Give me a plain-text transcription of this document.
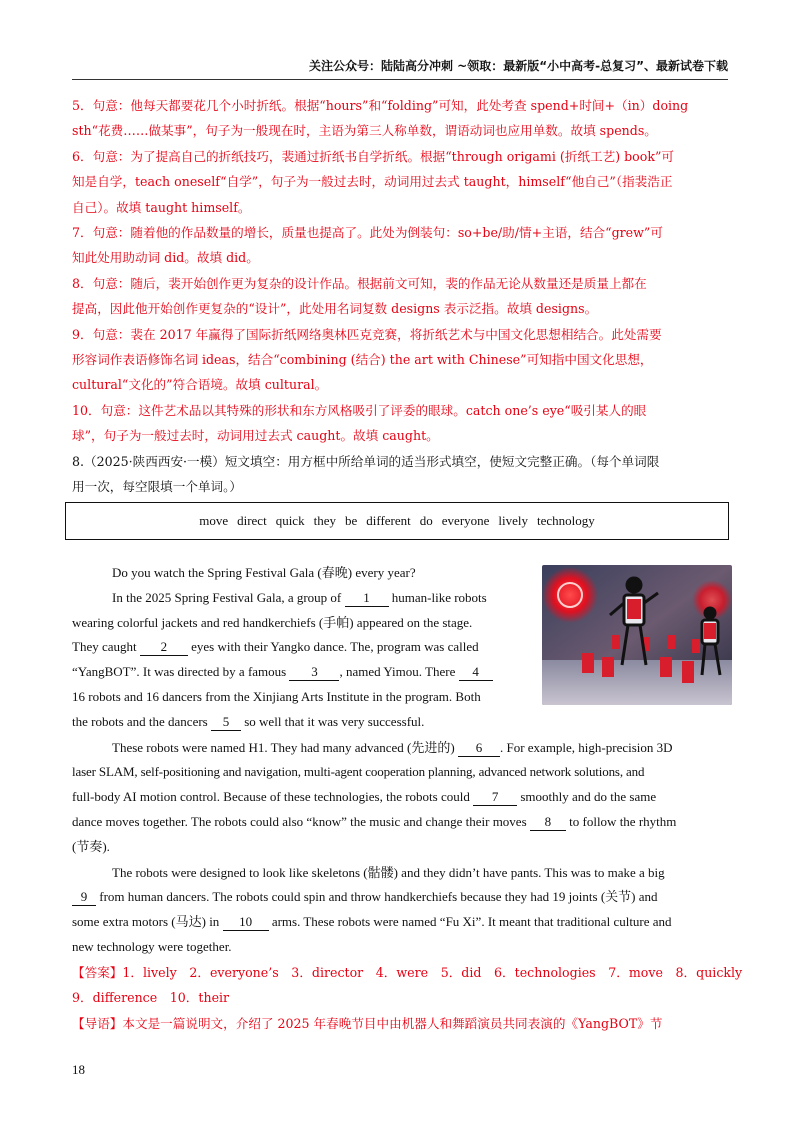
关注公众号：陆陆高分冲刺 ~领取：最新版“小中高考-总复习”、最新试卷下载
5．句意：他每天都要花几个小时折纸。根据“hours”和“folding”可知，此处考查 spend+时间+（in）doing
sth“花费……做某事”，句子为一般现在时，主语为第三人称单数，谓语动词也应用单数。故填 spends。
6．句意：为了提高自己的折纸技巧，裴通过折纸书自学折纸。根据“through origami (折纸工艺) book”可
知是自学，teach oneself“自学”，句子为一般过去时，动词用过去式 taught，himself“他自己”（指裴浩正
自己）。故填 taught himself。
7．句意：随着他的作品数量的增长，质量也提高了。此处为倒装句：so+be/助/情+主语，结合“grew”可
知此处用助动词 did。故填 did。
8．句意：随后，裴开始创作更为复杂的设计作品。根据前文可知，裴的作品无论从数量还是质量上都在
提高，因此他开始创作更复杂的“设计”，此处用名词复数 designs 表示泛指。故填 designs。
9．句意：裴在 2017 年赢得了国际折纸网络奥林匹克竞赛，将折纸艺术与中国文化思想相结合。此处需要
形容词作表语修饰名词 ideas，结合“combining (结合) the art with Chinese”可知指中国文化思想，
cultural“文化的”符合语境。故填 cultural。
10．句意：这件艺术品以其特殊的形状和东方风格吸引了评委的眼球。catch one’s eye“吸引某人的眼
球”，句子为一般过去时，动词用过去式 caught。故填 caught。
8.（2025·陕西西安·一模）短文填空：用方框中所给单词的适当形式填空，使短文完整正确。（每个单词限
用一次，每空限填一个单词。）
move direct quick they be different do everyone lively technology
Do you watch the Spring Festival Gala (春晚) every year?
In the 2025 Spring Festival Gala, a group of 1 human-like robots
wearing colorful jackets and red handkerchiefs (手帕) appeared on the stage.
They caught 2 eyes with their Yangko dance. The, program was called
“YangBOT”. It was directed by a famous 3 , named Yimou. There 4
16 robots and 16 dancers from the Xinjiang Arts Institute in the program. Both
the robots and the dancers 5 so well that it was very successful.
These robots were named H1. They had many advanced (先进的) 6 . For example, high-precision 3D
laser SLAM, self-positioning and navigation, multi-agent cooperation planning, advanced network solutions, and
full-body AI motion control. Because of these technologies, the robots could 7 smoothly and do the same
dance moves together. The robots could also “know” the music and change their moves 8 to follow the rhythm
(节奏).
The robots were designed to look like skeletons (骷髅) and they didn’t have pants. This was to make a big
9 from human dancers. The robots could spin and throw handkerchiefs because they had 19 joints (关节) and
some extra motors (马达) in 10 arms. These robots were named “Fu Xi”. It meant that traditional culture and
new technology were together.
【答案】1．lively　2．everyone’s　3．director　4．were　5．did　6．technologies　7．move　8．quickly
9．difference　10．their
【导语】本文是一篇说明文，介绍了 2025 年春晚节目中由机器人和舞蹈演员共同表演的《YangBOT》节
18
